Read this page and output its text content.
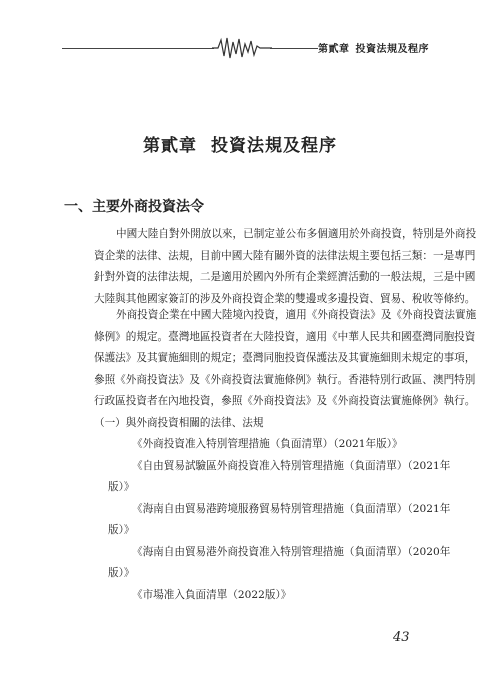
第貳章 投資法規及程序
第貳章 投資法規及程序
一、主要外商投資法令
中國大陸自對外開放以來，已制定並公布多個適用於外商投資，特別是外商投
資企業的法律、法規，目前中國大陸有關外資的法律法規主要包括三類：一是專門
針對外資的法律法規，二是適用於國內外所有企業經濟活動的一般法規，三是中國
大陸與其他國家簽訂的涉及外商投資企業的雙邊或多邊投資、貿易、稅收等條約。
外商投資企業在中國大陸境內投資，適用《外商投資法》及《外商投資法實施
條例》的規定。臺灣地區投資者在大陸投資，適用《中華人民共和國臺灣同胞投資
保護法》及其實施細則的規定；臺灣同胞投資保護法及其實施細則未規定的事項，
參照《外商投資法》及《外商投資法實施條例》執行。香港特別行政區、澳門特別
行政區投資者在內地投資，參照《外商投資法》及《外商投資法實施條例》執行。
（一）與外商投資相關的法律、法規
《外商投資准入特別管理措施（負面清單）（2021年版）》
《自由貿易試驗區外商投資准入特別管理措施（負面清單）（2021年
版）》
《海南自由貿易港跨境服務貿易特別管理措施（負面清單）（2021年
版）》
《海南自由貿易港外商投資准入特別管理措施（負面清單）（2020年
版）》
《市場准入負面清單（2022版）》
43
